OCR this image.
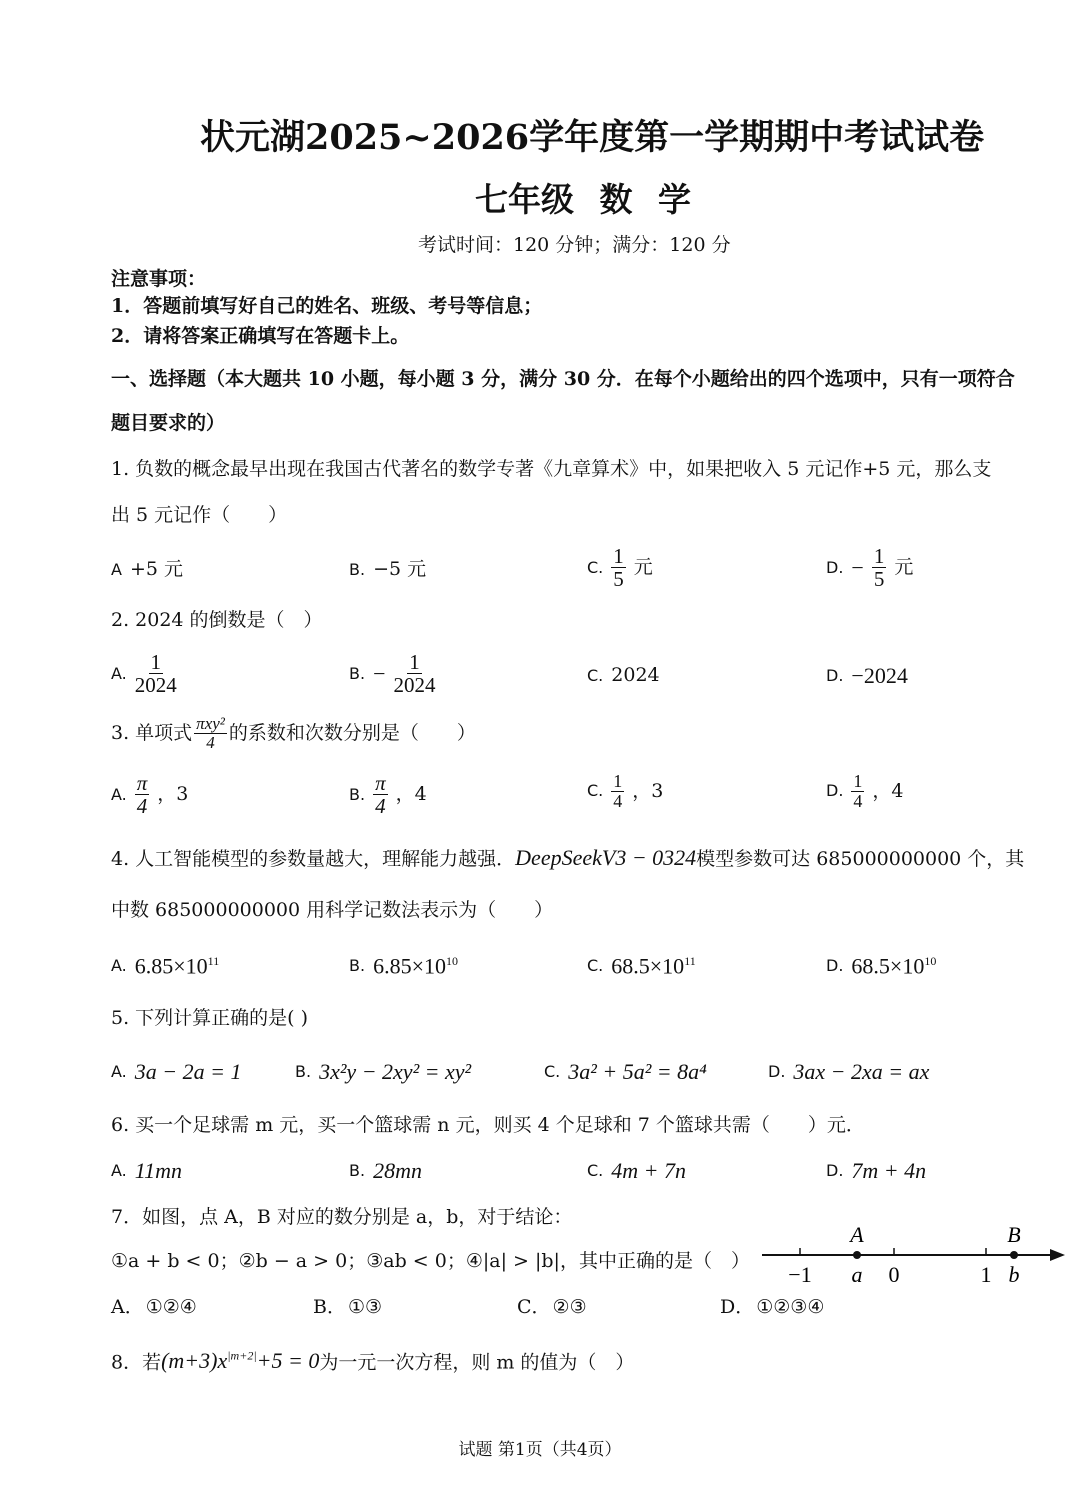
状元湖2025~2026学年度第一学期期中考试试卷
七年级 数 学
考试时间：120 分钟；满分：120 分
注意事项：
1．答题前填写好自己的姓名、班级、考号等信息；
2．请将答案正确填写在答题卡上。
一、选择题（本大题共 10 小题，每小题 3 分，满分 30 分．在每个小题给出的四个选项中，只有一项符合
题目要求的）
1. 负数的概念最早出现在我国古代著名的数学专著《九章算术》中，如果把收入 5 元记作+5 元，那么支
出 5 元记作（　　）
A +5 元	B. −5 元	C. $\frac{1}{5}$ 元	D. − $\frac{1}{5}$ 元
2. 2024 的倒数是（　）
A. $\frac{1}{2024}$	B. − $\frac{1}{2024}$	C. 2024	D. −2024
3. 单项式 $\frac{\text{πxy²}}{4}$ 的系数和次数分别是（　　）
A. $\frac{\pi}{4}$ ，3	B. $\frac{\pi}{4}$ ，4	C. $\frac{1}{4}$ ，3	D. $\frac{1}{4}$ ，4
4. 人工智能模型的参数量越大，理解能力越强．DeepSeekV3 − 0324模型参数可达 685000000000 个，其
中数 685000000000 用科学记数法表示为（　　）
A. $6.85\times 10^{11}$	B. $6.85\times 10^{10}$	C. $68.5\times 10^{11}$	D. $68.5\times 10^{10}$
5. 下列计算正确的是( )
A. 3a − 2a = 1	B. 3x²y − 2xy² = xy²	C. 3a² + 5a² = 8a⁴	D. 3ax − 2xa = ax
6. 买一个足球需 m 元，买一个篮球需 n 元，则买 4 个足球和 7 个篮球共需（　　）元．
A. 11mn	B. 28mn	C. 4m + 7n	D. 7m + 4n
7．如图，点 A，B 对应的数分别是 a，b，对于结论：
①a + b < 0；②b − a > 0；③ab < 0；④|a| > |b|，其中正确的是（　）
A． ①②④	B． ①③	C． ②③	D． ①②③④
A	B
−1 a 0	1 b
8．若$(m+3)x^{|m+2|}+5 = 0$为一元一次方程，则 m 的值为（　）
试题 第1页（共4页）
